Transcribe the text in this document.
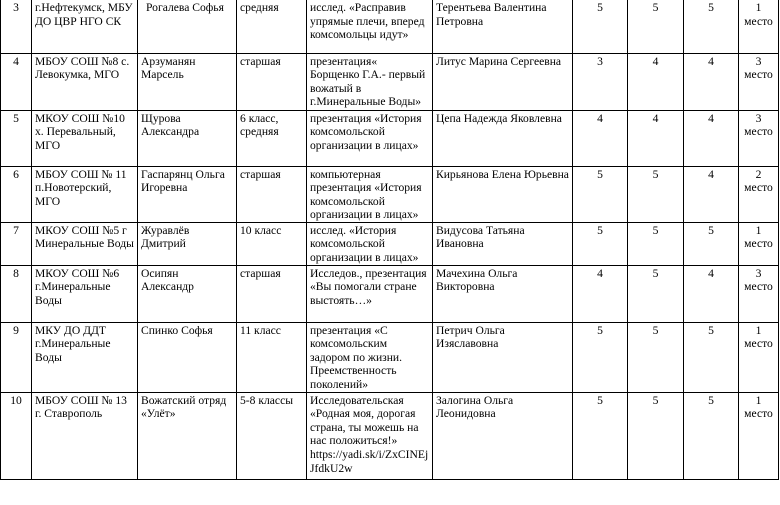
3	г.Нефтекумск, МБУ ДО ЦВР НГО СК	Рогалева Софья	средняя	исслед. «Расправив упрямые плечи, вперед комсомольцы идут»	Терентьева Валентина Петровна	5	5	5	1 место
4	МБОУ СОШ №8 с. Левокумка, МГО	Арзуманян Марсель	старшая	презентация« Борщенко Г.А.- первый вожатый в г.Минеральные Воды»	Литус Марина Сергеевна	3	4	4	3 место
5	МКОУ СОШ №10 х. Перевальный, МГО	Щурова Александра	6 класс, средняя	презентация «История комсомольской организации в лицах»	Цепа Надежда Яковлевна	4	4	4	3 место
6	МБОУ СОШ № 11 п.Новотерский, МГО	Гаспарянц Ольга Игоревна	старшая	компьютерная презентация «История комсомольской организации в лицах»	Кирьянова Елена Юрьевна	5	5	4	2 место
7	МКОУ СОШ №5 г Минеральные Воды	Журавлёв Дмитрий	10 класс	исслед. «История комсомольской организации в лицах»	Видусова Татьяна Ивановна	5	5	5	1 место
8	МКОУ СОШ №6 г.Минеральные Воды	Осипян Александр	старшая	Исследов., презентация «Вы помогали стране выстоять…»	Мачехина Ольга Викторовна	4	5	4	3 место
9	МКУ ДО ДДТ г.Минеральные Воды	Спинко Софья	11 класс	презентация «С комсомольским задором по жизни. Преемственность поколений»	Петрич Ольга Изяславовна	5	5	5	1 место
10	МБОУ СОШ № 13 г. Ставрополь	Вожатский отряд «Улёт»	5-8 классы	Исследовательская «Родная моя, дорогая страна, ты можешь на нас положиться!» https://yadi.sk/i/ZxCINEjJfdkU2w	Залогина Ольга Леонидовна	5	5	5	1 место
